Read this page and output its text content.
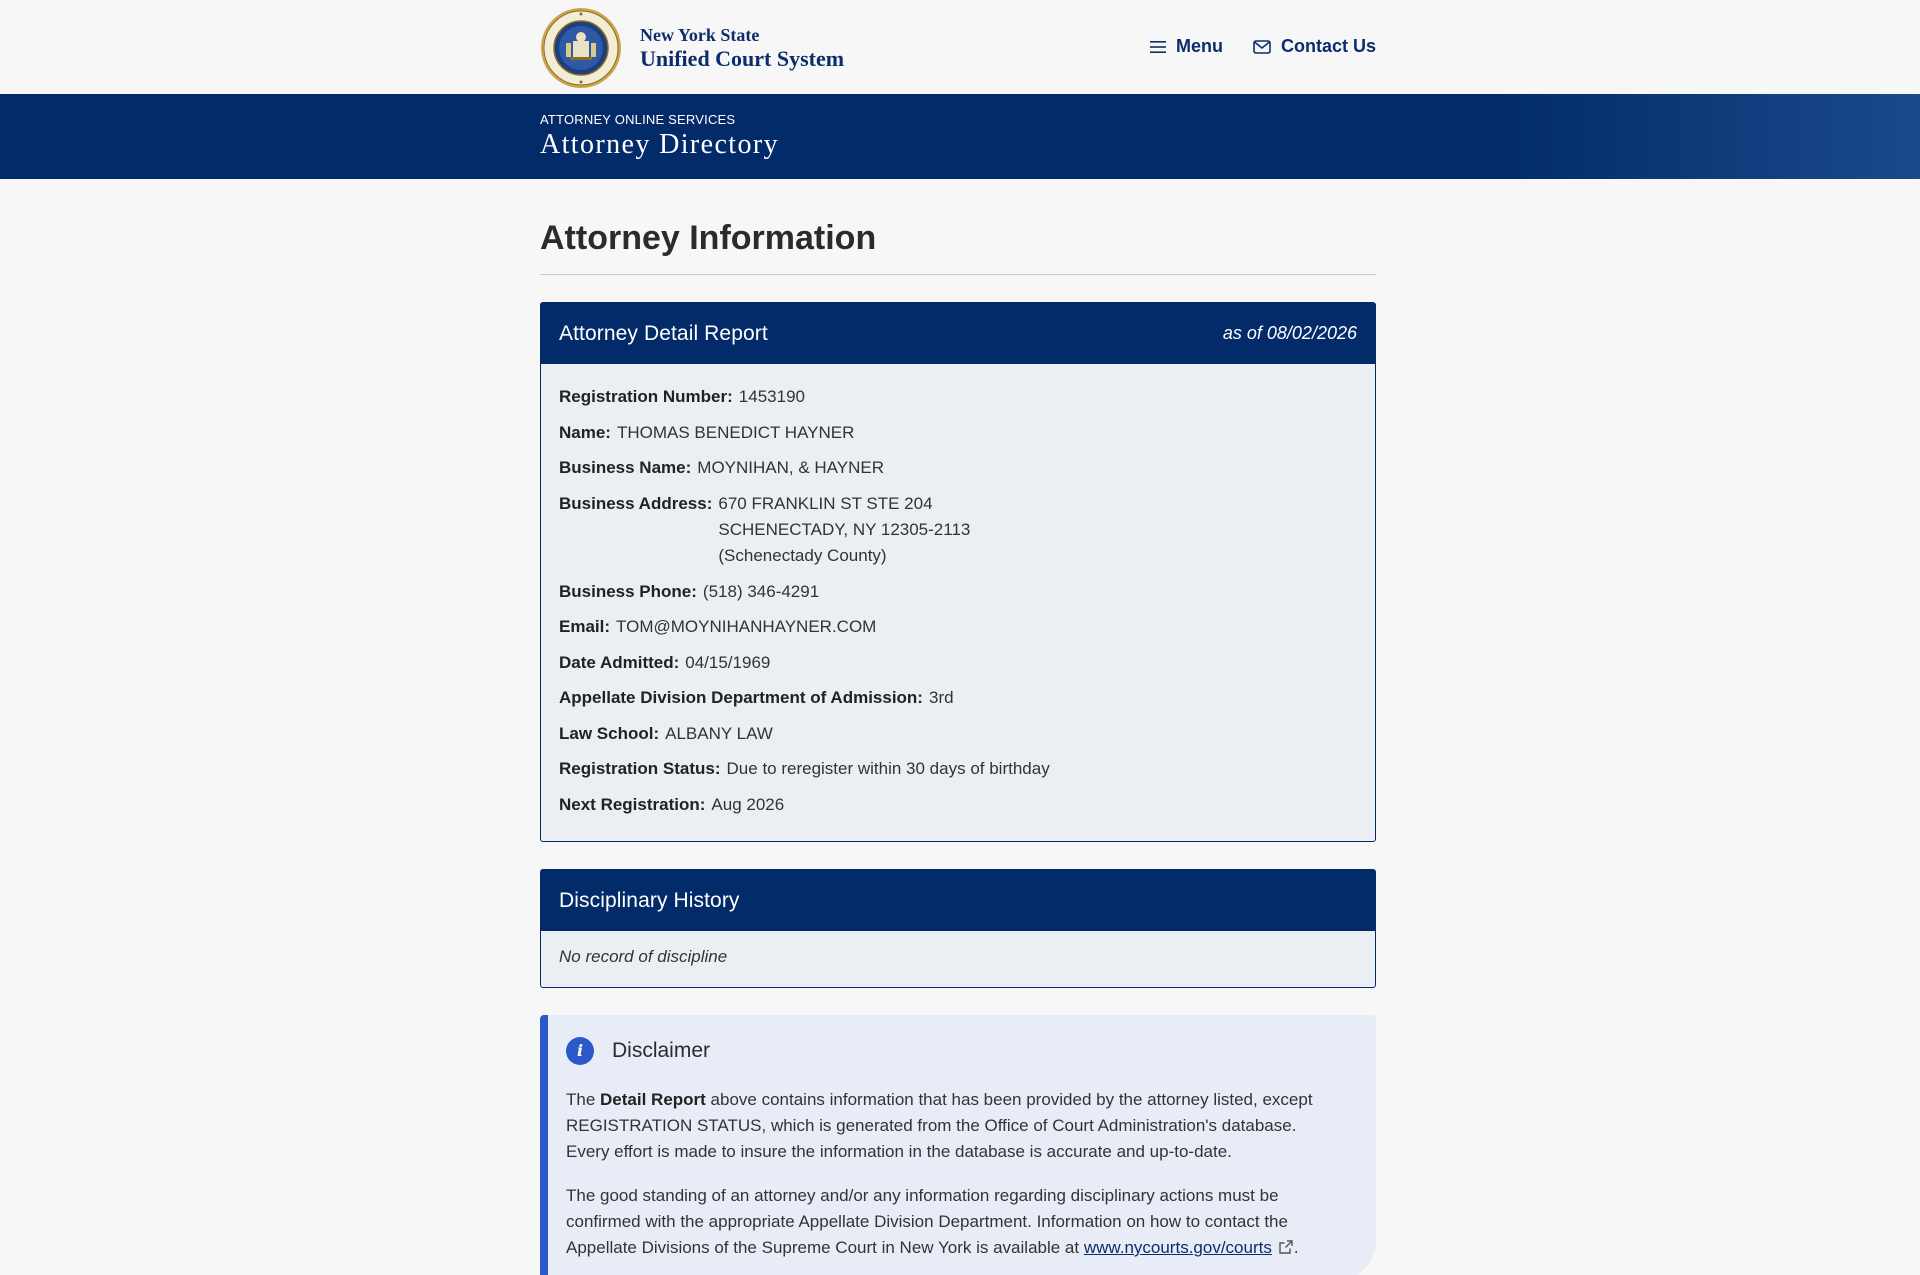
New York State
Unified Court System	Menu	Contact Us
ATTORNEY ONLINE SERVICES
Attorney Directory
Attorney Information
Attorney Detail Report	as of 08/02/2026
Registration Number: 1453190
Name: THOMAS BENEDICT HAYNER
Business Name: MOYNIHAN, & HAYNER
Business Address: 670 FRANKLIN ST STE 204
SCHENECTADY, NY 12305-2113
(Schenectady County)
Business Phone: (518) 346-4291
Email: TOM@MOYNIHANHAYNER.COM
Date Admitted: 04/15/1969
Appellate Division Department of Admission: 3rd
Law School: ALBANY LAW
Registration Status: Due to reregister within 30 days of birthday
Next Registration: Aug 2026
Disciplinary History
No record of discipline
i	Disclaimer

The Detail Report above contains information that has been provided by the attorney listed, except REGISTRATION STATUS, which is generated from the Office of Court Administration's database. Every effort is made to insure the information in the database is accurate and up-to-date.

The good standing of an attorney and/or any information regarding disciplinary actions must be confirmed with the appropriate Appellate Division Department. Information on how to contact the Appellate Divisions of the Supreme Court in New York is available at www.nycourts.gov/courts .
